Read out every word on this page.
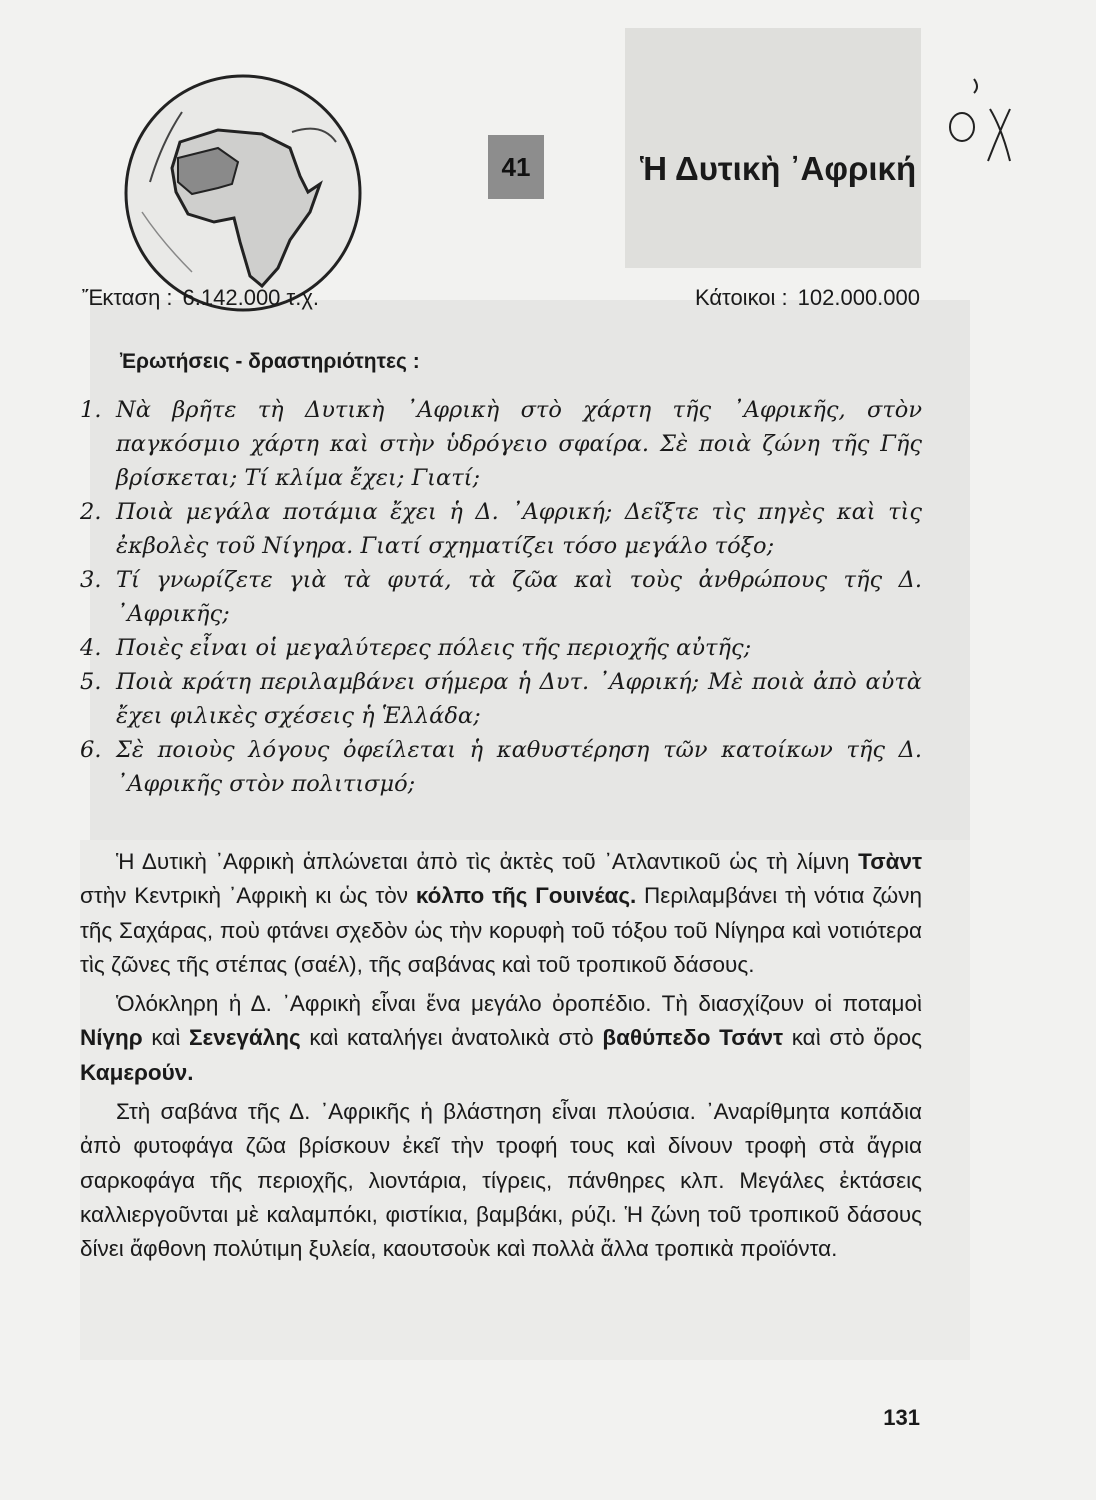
41	Ἡ Δυτικὴ ᾿Αφρική
ὀχ
Ἔκταση : 6.142.000 τ.χ.	Κάτοικοι : 102.000.000
Ἐρωτήσεις - δραστηριότητες :
1. Νὰ βρῆτε τὴ Δυτικὴ ᾿Αφρικὴ στὸ χάρτη τῆς ᾿Αφρικῆς, στὸν παγκόσμιο χάρτη καὶ στὴν ὑδρόγειο σφαίρα. Σὲ ποιὰ ζώνη τῆς Γῆς βρίσκεται; Τί κλίμα ἔχει; Γιατί;
2. Ποιὰ μεγάλα ποτάμια ἔχει ἡ Δ. ᾿Αφρική; Δεῖξτε τὶς πηγὲς καὶ τὶς ἐκβολὲς τοῦ Νίγηρα. Γιατί σχηματίζει τόσο μεγάλο τόξο;
3. Τί γνωρίζετε γιὰ τὰ φυτά, τὰ ζῶα καὶ τοὺς ἀνθρώπους τῆς Δ. ᾿Αφρικῆς;
4. Ποιὲς εἶναι οἱ μεγαλύτερες πόλεις τῆς περιοχῆς αὐτῆς;
5. Ποιὰ κράτη περιλαμβάνει σήμερα ἡ Δυτ. ᾿Αφρική; Μὲ ποιὰ ἀπὸ αὐτὰ ἔχει φιλικὲς σχέσεις ἡ Ἑλλάδα;
6. Σὲ ποιοὺς λόγους ὀφείλεται ἡ καθυστέρηση τῶν κατοίκων τῆς Δ. ᾿Αφρικῆς στὸν πολιτισμό;

Ἡ Δυτικὴ ᾿Αφρικὴ ἁπλώνεται ἀπὸ τὶς ἀκτὲς τοῦ ᾿Ατλαντικοῦ ὡς τὴ λίμνη Τσὰντ στὴν Κεντρικὴ ᾿Αφρικὴ κι ὡς τὸν κόλπο τῆς Γουινέας. Περιλαμβάνει τὴ νότια ζώνη τῆς Σαχάρας, ποὺ φτάνει σχεδὸν ὡς τὴν κορυφὴ τοῦ τόξου τοῦ Νίγηρα καὶ νοτιότερα τὶς ζῶνες τῆς στέπας (σαέλ), τῆς σαβάνας καὶ τοῦ τροπικοῦ δάσους.

Ὁλόκληρη ἡ Δ. ᾿Αφρικὴ εἶναι ἕνα μεγάλο ὀροπέδιο. Τὴ διασχίζουν οἱ ποταμοὶ Νίγηρ καὶ Σενεγάλης καὶ καταλήγει ἀνατολικὰ στὸ βαθύπεδο Τσάντ καὶ στὸ ὄρος Καμερούν.

Στὴ σαβάνα τῆς Δ. ᾿Αφρικῆς ἡ βλάστηση εἶναι πλούσια. ᾿Αναρίθμητα κοπάδια ἀπὸ φυτοφάγα ζῶα βρίσκουν ἐκεῖ τὴν τροφή τους καὶ δίνουν τροφὴ στὰ ἄγρια σαρκοφάγα τῆς περιοχῆς, λιοντάρια, τίγρεις, πάνθηρες κλπ. Μεγάλες ἐκτάσεις καλλιεργοῦνται μὲ καλαμπόκι, φιστίκια, βαμβάκι, ρύζι. Ἡ ζώνη τοῦ τροπικοῦ δάσους δίνει ἄφθονη πολύτιμη ξυλεία, καουτσοὺκ καὶ πολλὰ ἄλλα τροπικὰ προϊόντα.

131
